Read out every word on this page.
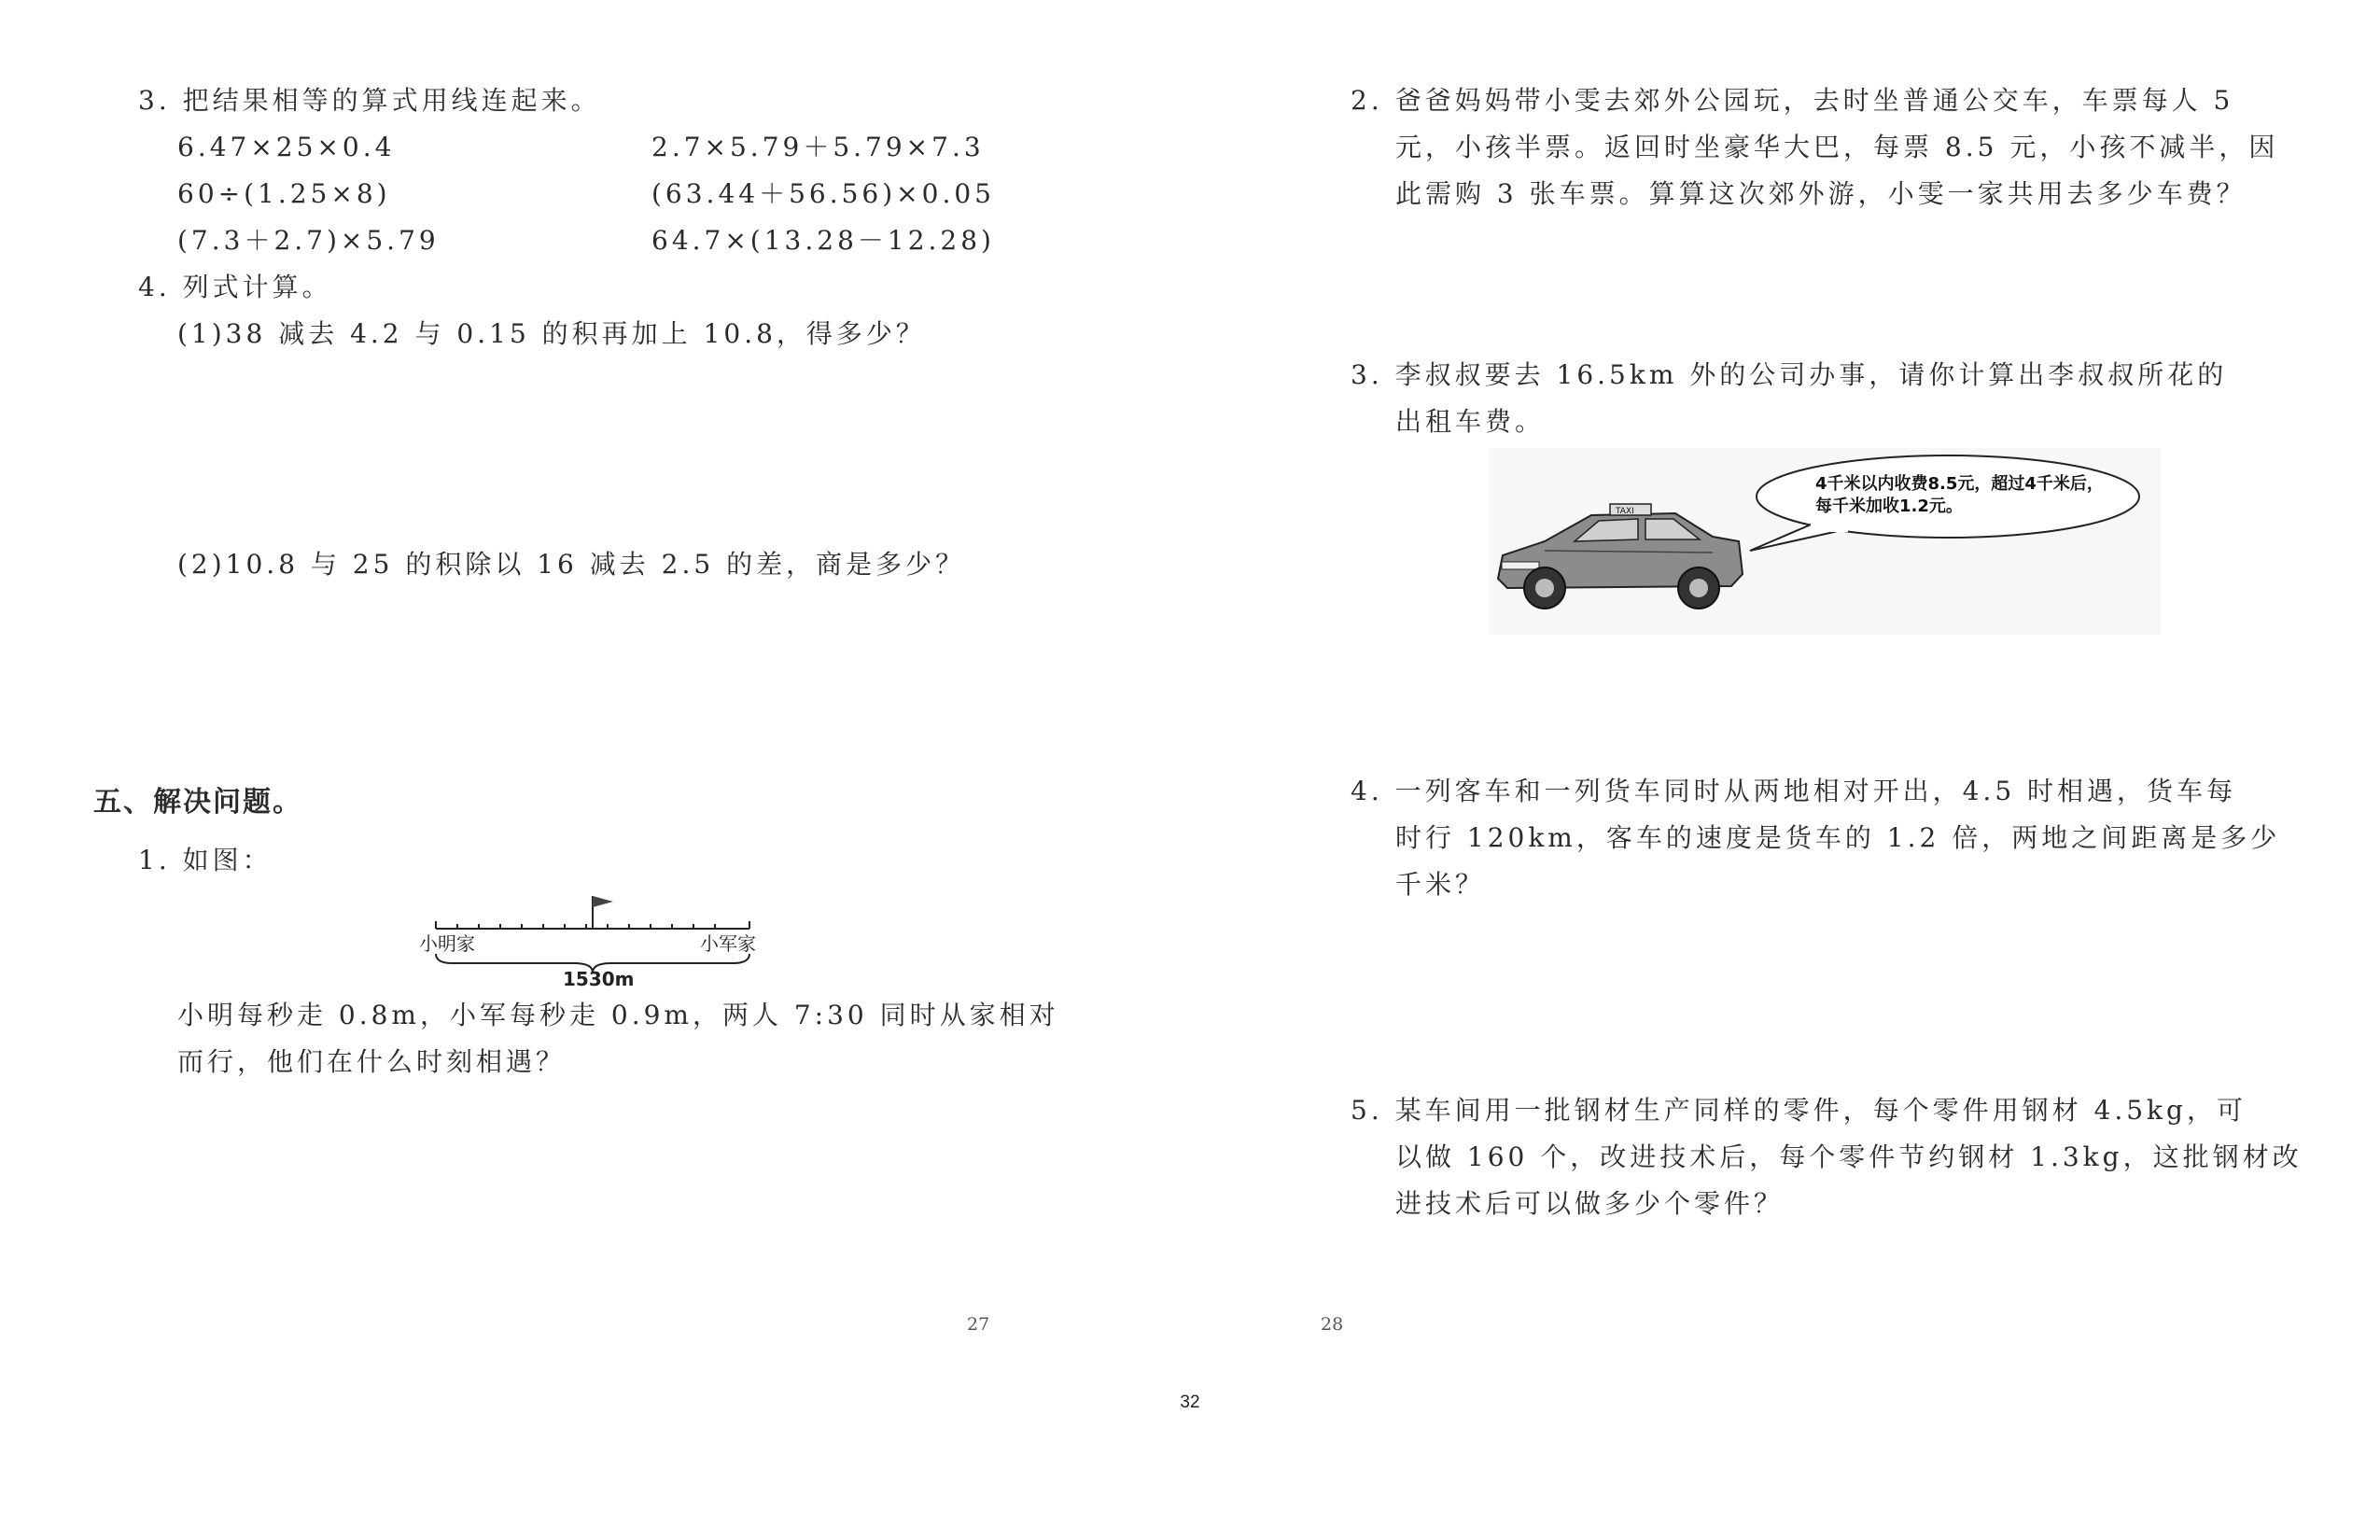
3. 把结果相等的算式用线连起来。
6.47×25×0.4
60÷(1.25×8)
(7.3＋2.7)×5.79
2.7×5.79＋5.79×7.3
(63.44＋56.56)×0.05
64.7×(13.28－12.28)
4. 列式计算。
(1)38 减去 4.2 与 0.15 的积再加上 10.8，得多少？
(2)10.8 与 25 的积除以 16 减去 2.5 的差，商是多少？
五、解决问题。
1. 如图：
小明家	小军家
1530m
小明每秒走 0.8m，小军每秒走 0.9m，两人 7:30 同时从家相对
而行，他们在什么时刻相遇？
27
2. 爸爸妈妈带小雯去郊外公园玩，去时坐普通公交车，车票每人 5
元，小孩半票。返回时坐豪华大巴，每票 8.5 元，小孩不减半，因
此需购 3 张车票。算算这次郊外游，小雯一家共用去多少车费？
3. 李叔叔要去 16.5km 外的公司办事，请你计算出李叔叔所花的
出租车费。
4千米以内收费8.5元，超过4千米后，
每千米加收1.2元。
TAXI
4. 一列客车和一列货车同时从两地相对开出，4.5 时相遇，货车每
时行 120km，客车的速度是货车的 1.2 倍，两地之间距离是多少
千米？
5. 某车间用一批钢材生产同样的零件，每个零件用钢材 4.5kg，可
以做 160 个，改进技术后，每个零件节约钢材 1.3kg，这批钢材改
进技术后可以做多少个零件？
28
32
